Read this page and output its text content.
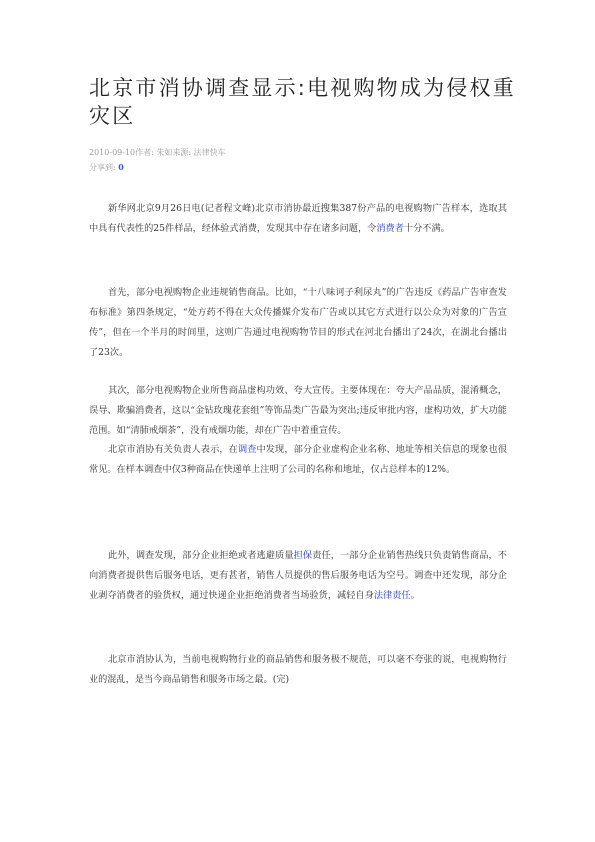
北京市消协调查显示:电视购物成为侵权重灾区
2010-09-10作者: 朱如来源: 法律快车
分享到: 0

新华网北京9月26日电(记者程文峰)北京市消协最近搜集387份产品的电视购物广告样本，选取其中具有代表性的25件样品，经体验式消费，发现其中存在诸多问题，令消费者十分不满。

首先，部分电视购物企业违规销售商品。比如，“十八味诃子利尿丸”的广告违反《药品广告审查发布标准》第四条规定，“处方药不得在大众传播媒介发布广告或以其它方式进行以公众为对象的广告宣传”，但在一个半月的时间里，这则广告通过电视购物节目的形式在河北台播出了24次，在湖北台播出了23次。

其次，部分电视购物企业所售商品虚构功效、夸大宣传。主要体现在：夸大产品品质，混淆概念，误导、欺骗消费者，这以“金钻玫瑰花套组”等饰品类广告最为突出;违反审批内容，虚构功效，扩大功能范围。如“清肺戒烟茶”，没有戒烟功能，却在广告中着重宣传。

北京市消协有关负责人表示，在调查中发现，部分企业虚构企业名称、地址等相关信息的现象也很常见。在样本调查中仅3种商品在快递单上注明了公司的名称和地址，仅占总样本的12%。

此外，调查发现，部分企业拒绝或者逃避质量担保责任，一部分企业销售热线只负责销售商品，不向消费者提供售后服务电话，更有甚者，销售人员提供的售后服务电话为空号。调查中还发现，部分企业剥夺消费者的验货权，通过快递企业拒绝消费者当场验货，减轻自身法律责任。

北京市消协认为，当前电视购物行业的商品销售和服务极不规范，可以毫不夸张的说，电视购物行业的混乱，是当今商品销售和服务市场之最。(完)
